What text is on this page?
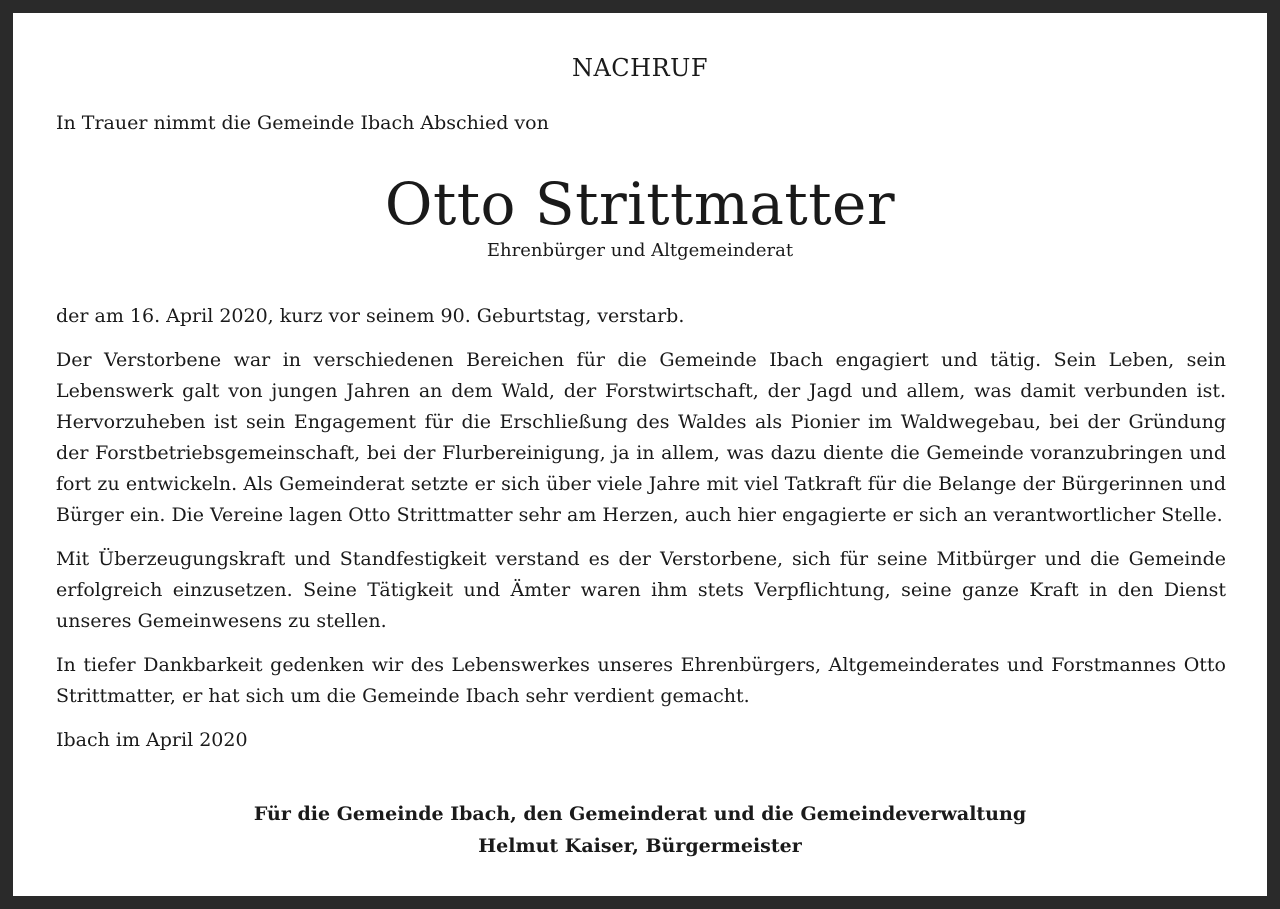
NACHRUF

In Trauer nimmt die Gemeinde Ibach Abschied von

Otto Strittmatter
Ehrenbürger und Altgemeinderat

der am 16. April 2020, kurz vor seinem 90. Geburtstag, verstarb.

Der Verstorbene war in verschiedenen Bereichen für die Gemeinde Ibach engagiert und tätig. Sein Leben, sein Lebenswerk galt von jungen Jahren an dem Wald, der Forstwirtschaft, der Jagd und allem, was damit verbunden ist. Hervorzuheben ist sein Engagement für die Erschließung des Waldes als Pionier im Waldwegebau, bei der Gründung der Forstbetriebsgemeinschaft, bei der Flurbereinigung, ja in allem, was dazu diente die Gemeinde voranzubringen und fort zu entwickeln. Als Gemeinderat setzte er sich über viele Jahre mit viel Tatkraft für die Belange der Bürgerinnen und Bürger ein. Die Vereine lagen Otto Strittmatter sehr am Herzen, auch hier engagierte er sich an verantwortlicher Stelle.

Mit Überzeugungskraft und Standfestigkeit verstand es der Verstorbene, sich für seine Mitbürger und die Gemeinde erfolgreich einzusetzen. Seine Tätigkeit und Ämter waren ihm stets Verpflichtung, seine ganze Kraft in den Dienst unseres Gemeinwesens zu stellen.

In tiefer Dankbarkeit gedenken wir des Lebenswerkes unseres Ehrenbürgers, Altgemeinderates und Forstmannes Otto Strittmatter, er hat sich um die Gemeinde Ibach sehr verdient gemacht.

Ibach im April 2020

Für die Gemeinde Ibach, den Gemeinderat und die Gemeindeverwaltung
Helmut Kaiser, Bürgermeister
